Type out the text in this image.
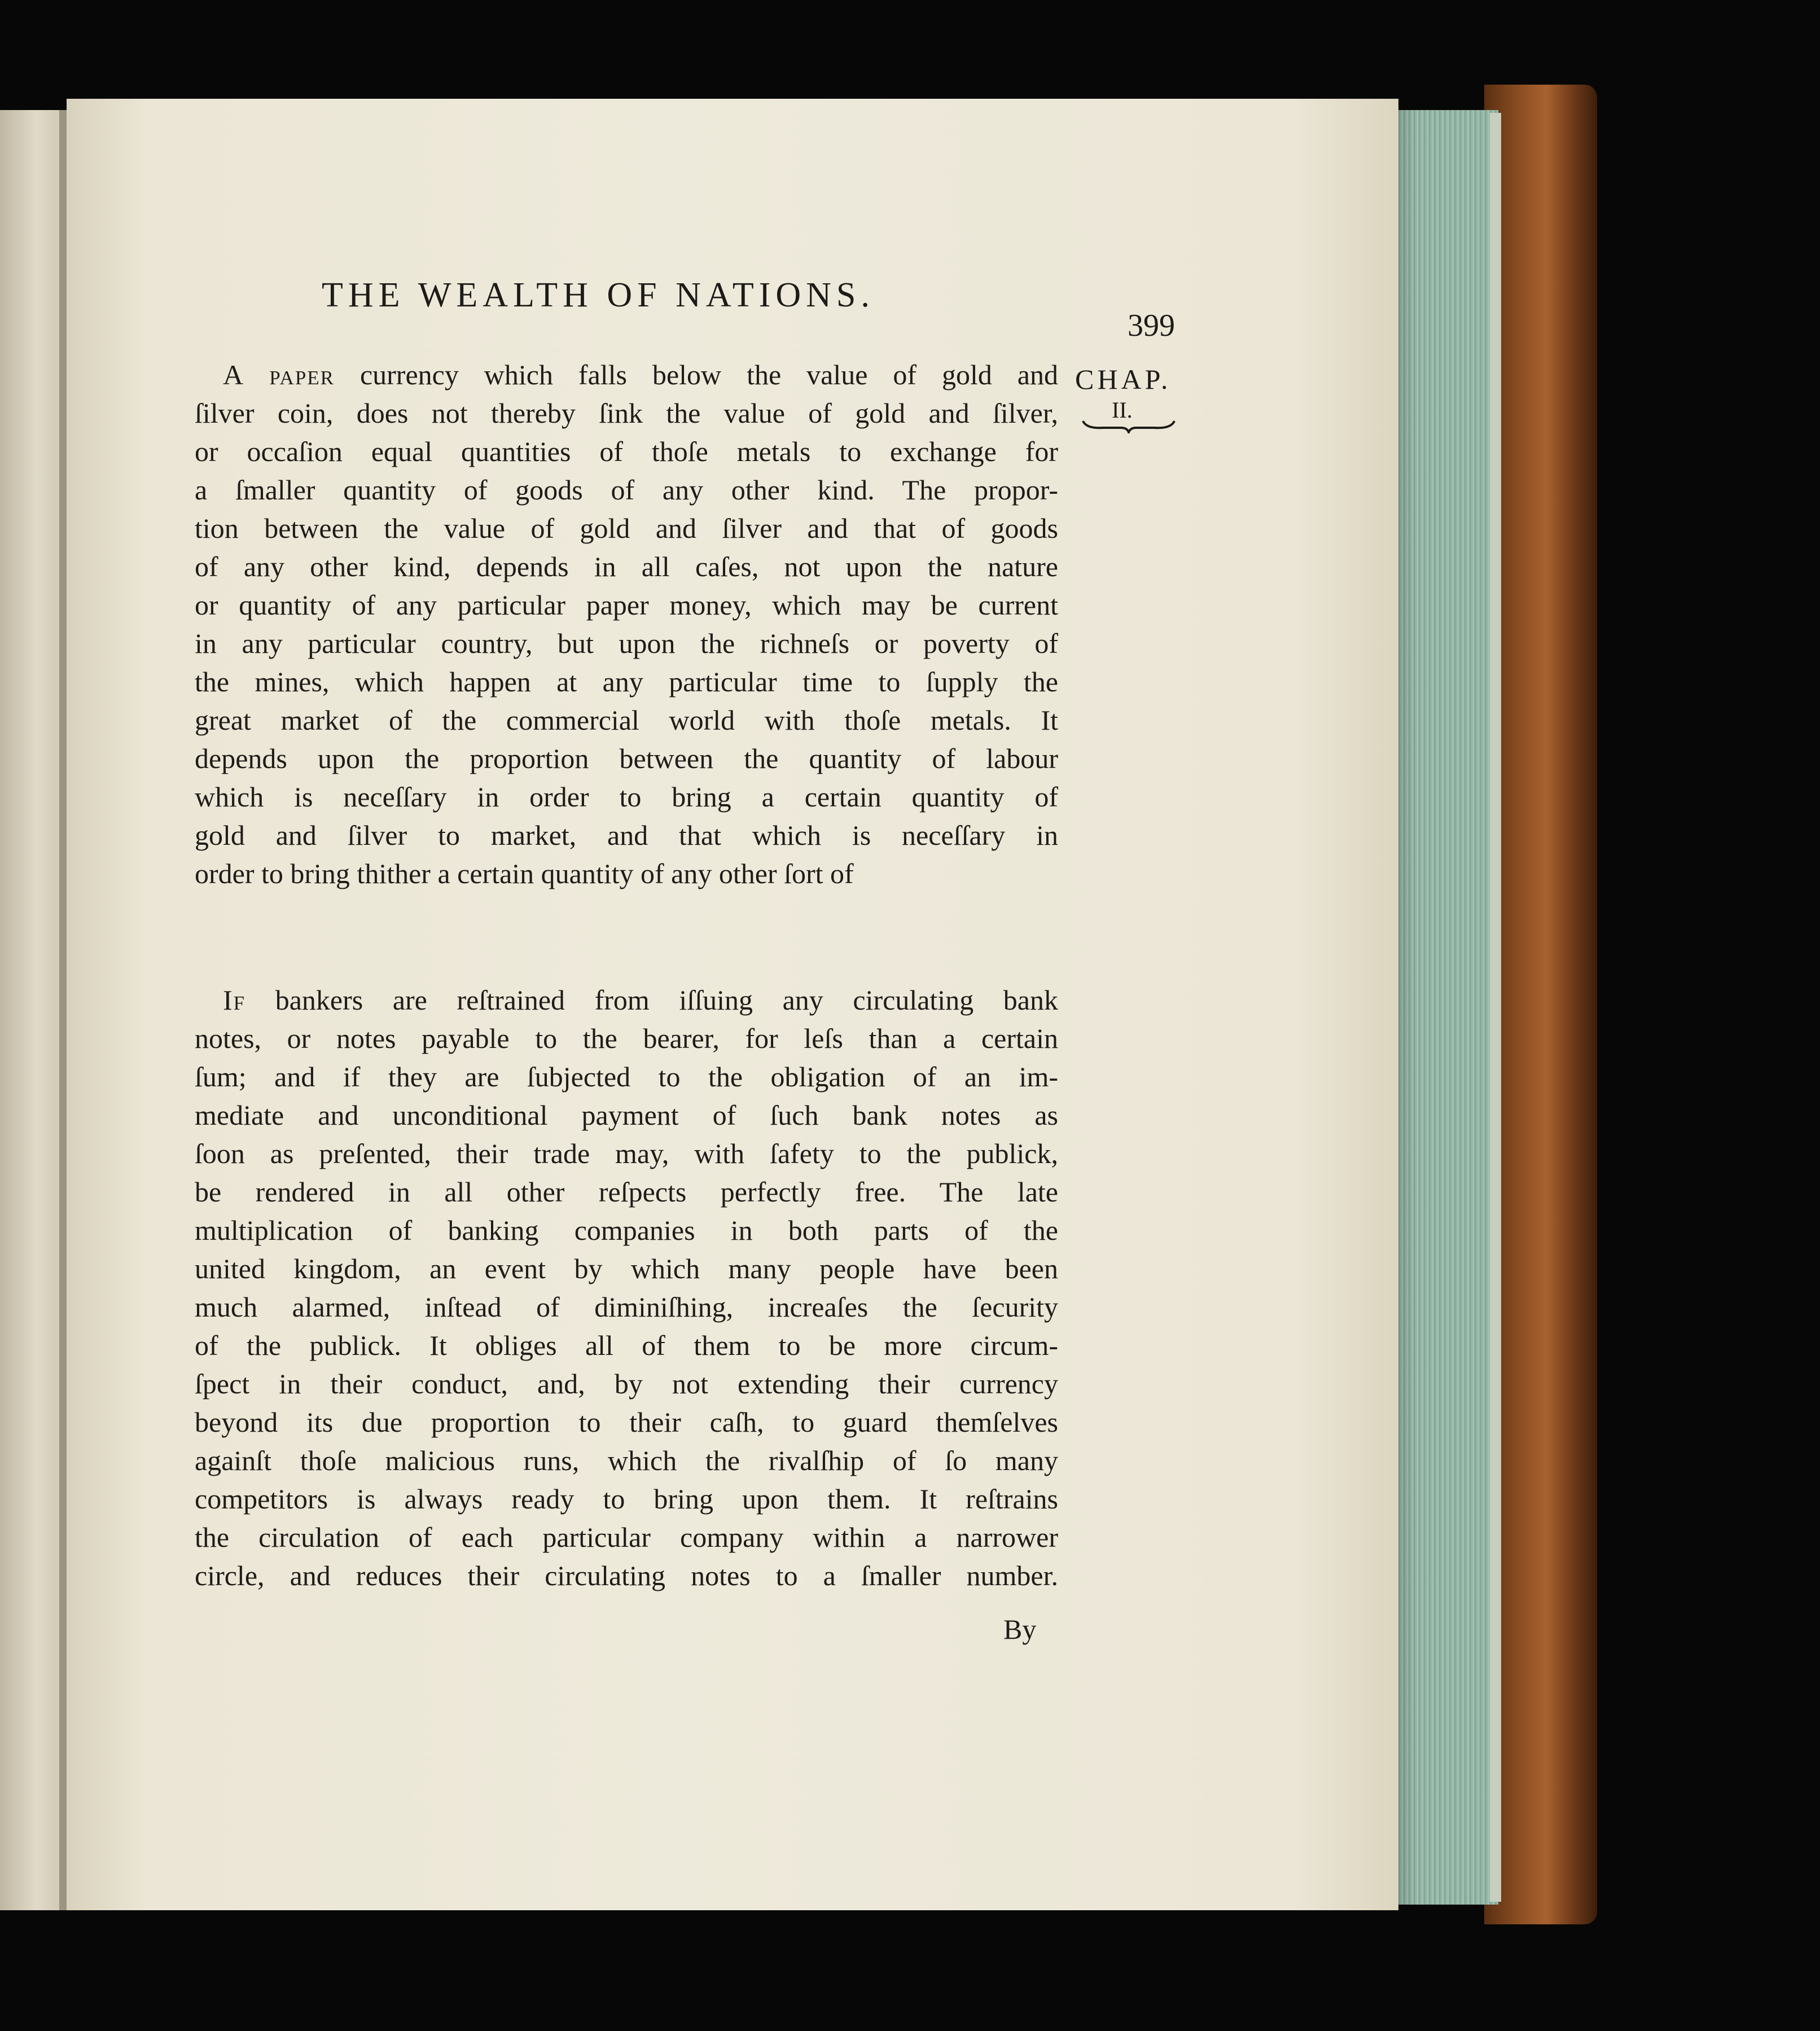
THE WEALTH OF NATIONS.
399
CHAP.
II.
A paper currency which falls below the value of gold and
ſilver coin, does not thereby ſink the value of gold and ſilver,
or occaſion equal quantities of thoſe metals to exchange for
a ſmaller quantity of goods of any other kind. The propor-
tion between the value of gold and ſilver and that of goods
of any other kind, depends in all caſes, not upon the nature
or quantity of any particular paper money, which may be current
in any particular country, but upon the richneſs or poverty of
the mines, which happen at any particular time to ſupply the
great market of the commercial world with thoſe metals. It
depends upon the proportion between the quantity of labour
which is neceſſary in order to bring a certain quantity of
gold and ſilver to market, and that which is neceſſary in
order to bring thither a certain quantity of any other ſort of
If bankers are reſtrained from iſſuing any circulating bank
notes, or notes payable to the bearer, for leſs than a certain
ſum; and if they are ſubjected to the obligation of an im-
mediate and unconditional payment of ſuch bank notes as
ſoon as preſented, their trade may, with ſafety to the publick,
be rendered in all other reſpects perfectly free. The late
multiplication of banking companies in both parts of the
united kingdom, an event by which many people have been
much alarmed, inſtead of diminiſhing, increaſes the ſecurity
of the publick. It obliges all of them to be more circum-
ſpect in their conduct, and, by not extending their currency
beyond its due proportion to their caſh, to guard themſelves
againſt thoſe malicious runs, which the rivalſhip of ſo many
competitors is always ready to bring upon them. It reſtrains
the circulation of each particular company within a narrower
circle, and reduces their circulating notes to a ſmaller number.
By
